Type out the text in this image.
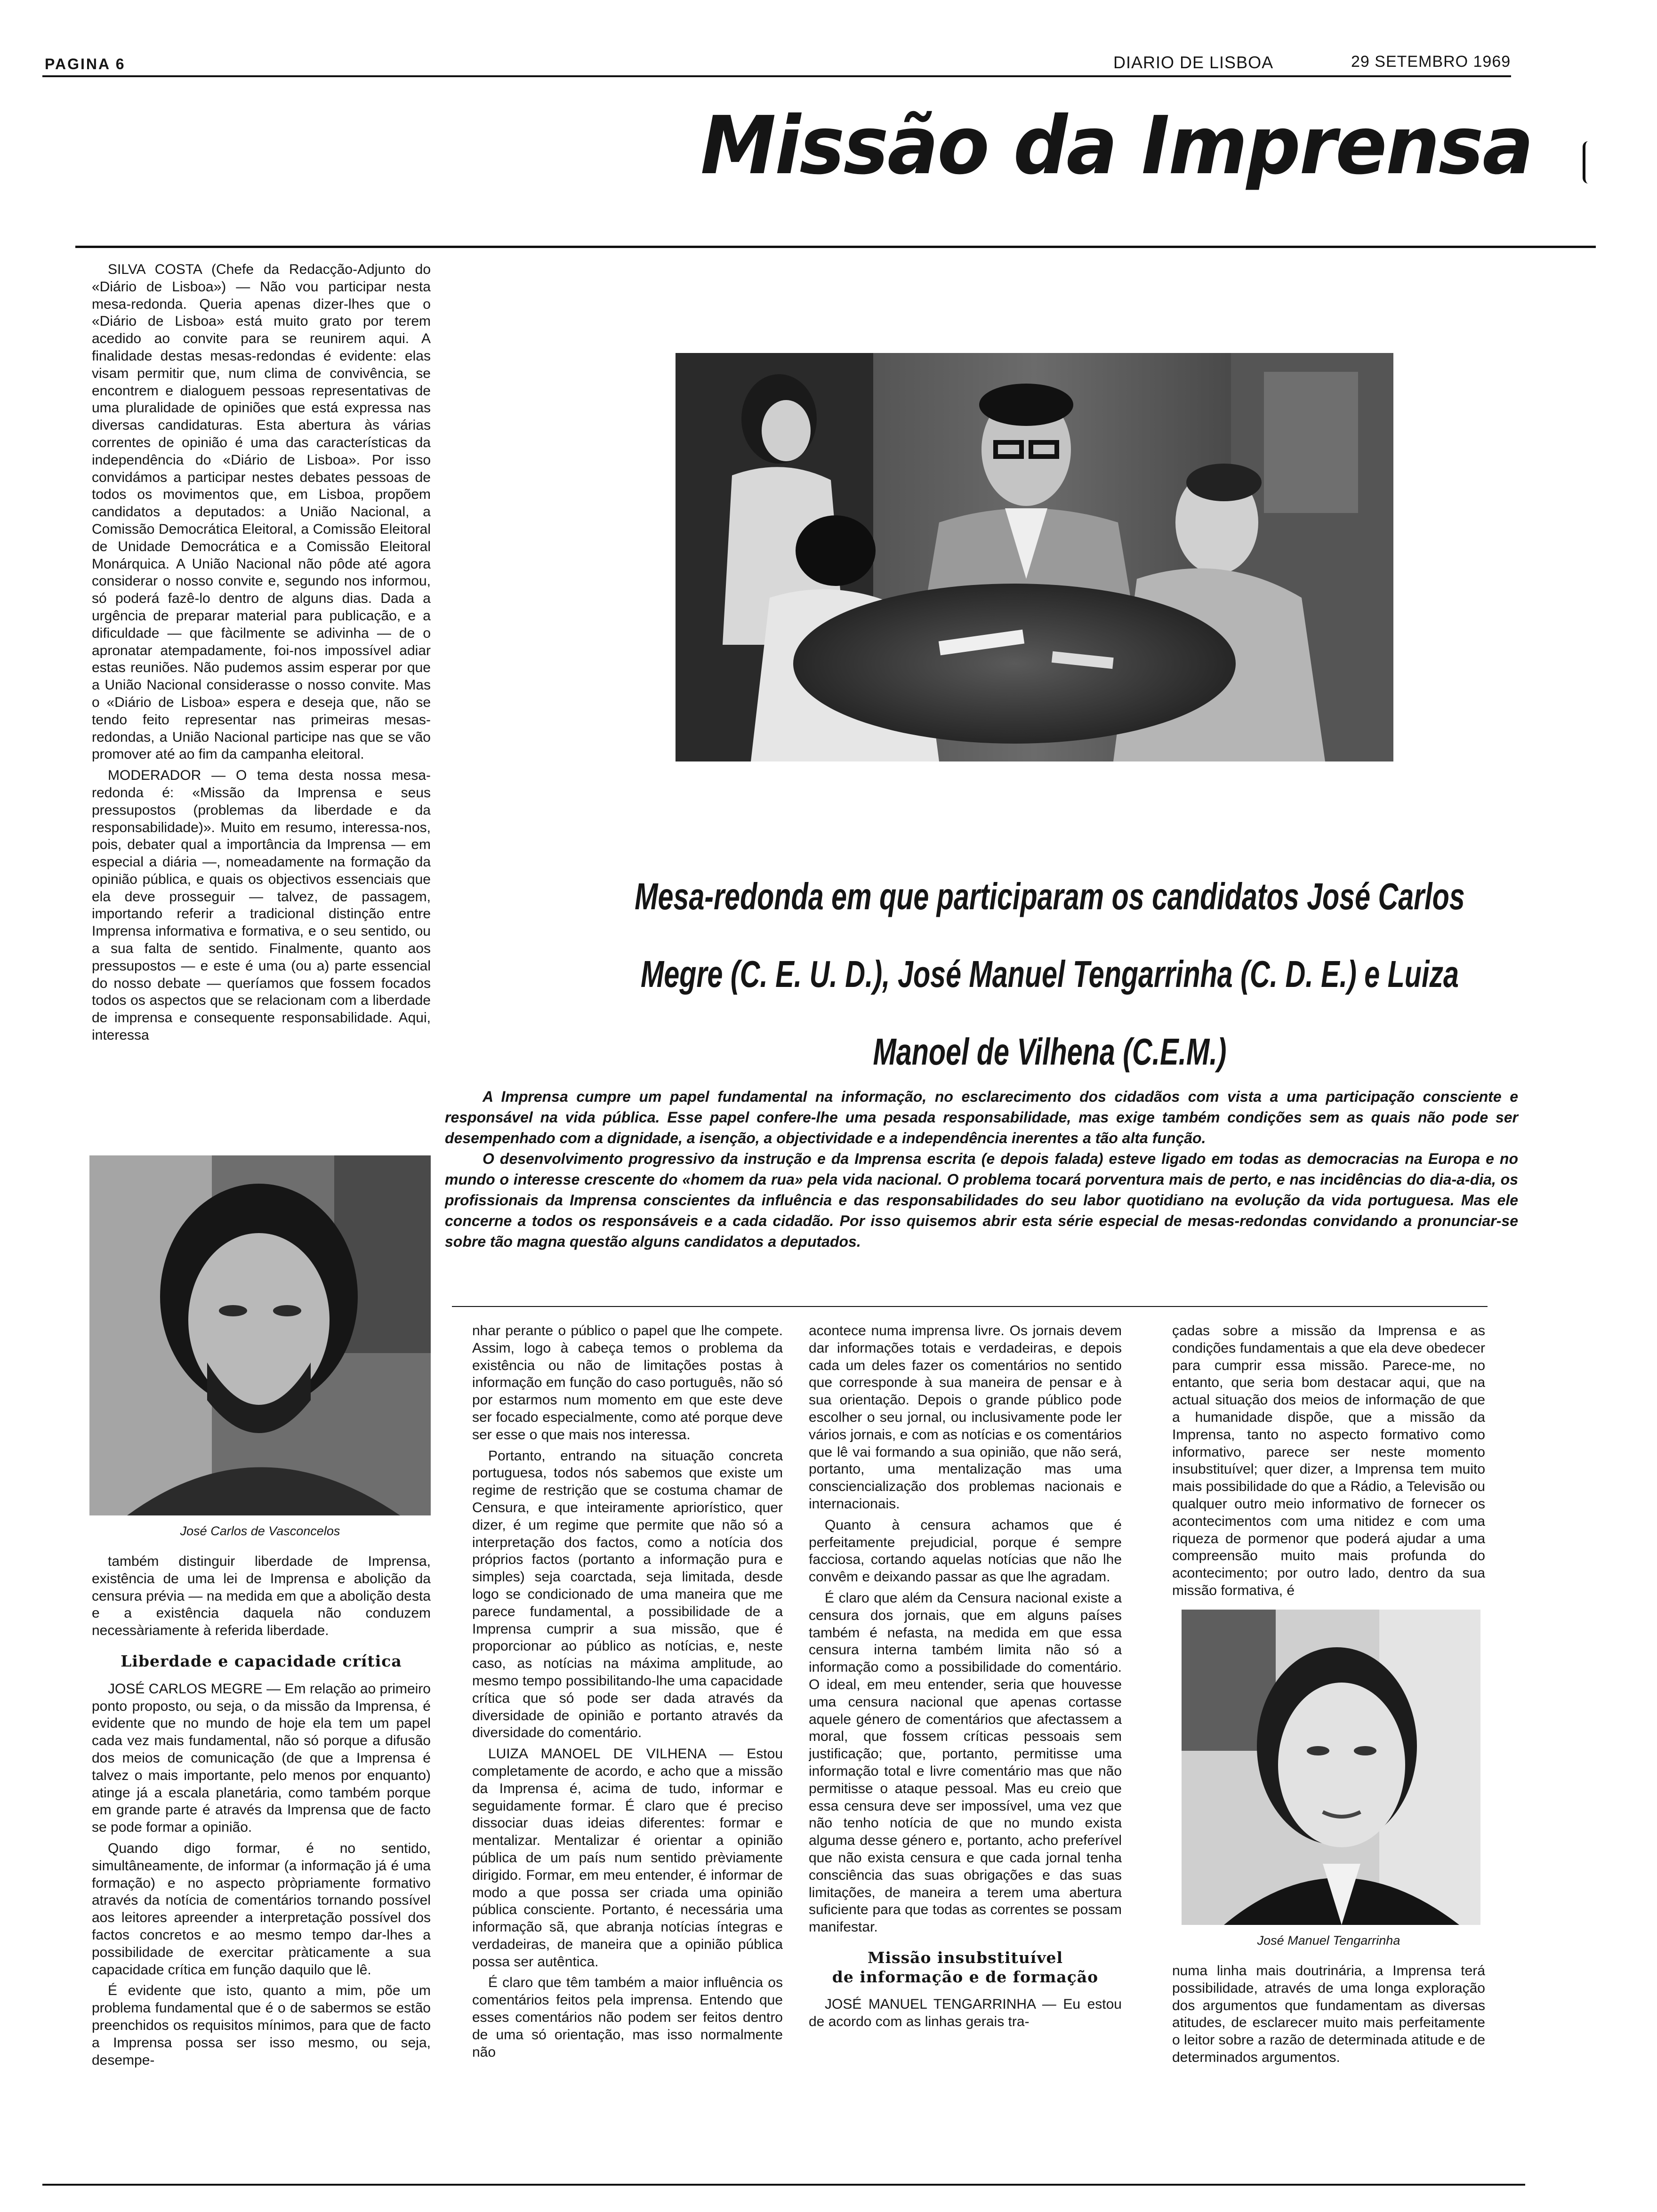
PAGINA 6	DIARIO DE LISBOA	29 SETEMBRO 1969
Missão da Imprensa
Mesa-redonda em que participaram os candidatos José Carlos
Megre (C. E. U. D.), José Manuel Tengarrinha (C. D. E.) e Luiza
Manoel de Vilhena (C.E.M.)

A Imprensa cumpre um papel fundamental na informação, no esclarecimento dos cidadãos com vista a uma participação consciente e responsável na vida pública. Esse papel confere-lhe uma pesada responsabilidade, mas exige também condições sem as quais não pode ser desempenhado com a dignidade, a isenção, a objectividade e a independência inerentes a tão alta função.

O desenvolvimento progressivo da instrução e da Imprensa escrita (e depois falada) esteve ligado em todas as democracias na Europa e no mundo o interesse crescente do «homem da rua» pela vida nacional. O problema tocará porventura mais de perto, e nas incidências do dia-a-dia, os profissionais da Imprensa conscientes da influência e das responsabilidades do seu labor quotidiano na evolução da vida portuguesa. Mas ele concerne a todos os responsáveis e a cada cidadão. Por isso quisemos abrir esta série especial de mesas-redondas convidando a pronunciar-se sobre tão magna questão alguns candidatos a deputados.

SILVA COSTA (Chefe da Redacção-Adjunto do «Diário de Lisboa») — Não vou participar nesta mesa-redonda. Queria apenas dizer-lhes que o «Diário de Lisboa» está muito grato por terem acedido ao convite para se reunirem aqui. A finalidade destas mesas-redondas é evidente: elas visam permitir que, num clima de convivência, se encontrem e dialoguem pessoas representativas de uma pluralidade de opiniões que está expressa nas diversas candidaturas. Esta abertura às várias correntes de opinião é uma das características da independência do «Diário de Lisboa». Por isso convidámos a participar nestes debates pessoas de todos os movimentos que, em Lisboa, propõem candidatos a deputados: a União Nacional, a Comissão Democrática Eleitoral, a Comissão Eleitoral de Unidade Democrática e a Comissão Eleitoral Monárquica. A União Nacional não pôde até agora considerar o nosso convite e, segundo nos informou, só poderá fazê-lo dentro de alguns dias. Dada a urgência de preparar material para publicação, e a dificuldade — que fàcilmente se adivinha — de o apronatar atempadamente, foi-nos impossível adiar estas reuniões. Não pudemos assim esperar por que a União Nacional considerasse o nosso convite. Mas o «Diário de Lisboa» espera e deseja que, não se tendo feito representar nas primeiras mesas-redondas, a União Nacional participe nas que se vão promover até ao fim da campanha eleitoral.

MODERADOR — O tema desta nossa mesa-redonda é: «Missão da Imprensa e seus pressupostos (problemas da liberdade e da responsabilidade)». Muito em resumo, interessa-nos, pois, debater qual a importância da Imprensa — em especial a diária —, nomeadamente na formação da opinião pública, e quais os objectivos essenciais que ela deve prosseguir — talvez, de passagem, importando referir a tradicional distinção entre Imprensa informativa e formativa, e o seu sentido, ou a sua falta de sentido. Finalmente, quanto aos pressupostos — e este é uma (ou a) parte essencial do nosso debate — queríamos que fossem focados todos os aspectos que se relacionam com a liberdade de imprensa e consequente responsabilidade. Aqui, interessa

José Carlos de Vasconcelos

também distinguir liberdade de Imprensa, existência de uma lei de Imprensa e abolição da censura prévia — na medida em que a abolição desta e a existência daquela não conduzem necessàriamente à referida liberdade.

Liberdade e capacidade crítica

JOSÉ CARLOS MEGRE — Em relação ao primeiro ponto proposto, ou seja, o da missão da Imprensa, é evidente que no mundo de hoje ela tem um papel cada vez mais fundamental, não só porque a difusão dos meios de comunicação (de que a Imprensa é talvez o mais importante, pelo menos por enquanto) atinge já a escala planetária, como também porque em grande parte é através da Imprensa que de facto se pode formar a opinião.

Quando digo formar, é no sentido, simultâneamente, de informar (a informação já é uma formação) e no aspecto pròpriamente formativo através da notícia de comentários tornando possível aos leitores apreender a interpretação possível dos factos concretos e ao mesmo tempo dar-lhes a possibilidade de exercitar pràticamente a sua capacidade crítica em função daquilo que lê.

É evidente que isto, quanto a mim, põe um problema fundamental que é o de sabermos se estão preenchidos os requisitos mínimos, para que de facto a Imprensa possa ser isso mesmo, ou seja, desempe-

nhar perante o público o papel que lhe compete. Assim, logo à cabeça temos o problema da existência ou não de limitações postas à informação em função do caso português, não só por estarmos num momento em que este deve ser focado especialmente, como até porque deve ser esse o que mais nos interessa.

Portanto, entrando na situação concreta portuguesa, todos nós sabemos que existe um regime de restrição que se costuma chamar de Censura, e que inteiramente apriorístico, quer dizer, é um regime que permite que não só a interpretação dos factos, como a notícia dos próprios factos (portanto a informação pura e simples) seja coarctada, seja limitada, desde logo se condicionado de uma maneira que me parece fundamental, a possibilidade de a Imprensa cumprir a sua missão, que é proporcionar ao público as notícias, e, neste caso, as notícias na máxima amplitude, ao mesmo tempo possibilitando-lhe uma capacidade crítica que só pode ser dada através da diversidade de opinião e portanto através da diversidade do comentário.

LUIZA MANOEL DE VILHENA — Estou completamente de acordo, e acho que a missão da Imprensa é, acima de tudo, informar e seguidamente formar. É claro que é preciso dissociar duas ideias diferentes: formar e mentalizar. Mentalizar é orientar a opinião pública de um país num sentido prèviamente dirigido. Formar, em meu entender, é informar de modo a que possa ser criada uma opinião pública consciente. Portanto, é necessária uma informação sã, que abranja notícias íntegras e verdadeiras, de maneira que a opinião pública possa ser autêntica.

É claro que têm também a maior influência os comentários feitos pela imprensa. Entendo que esses comentários não podem ser feitos dentro de uma só orientação, mas isso normalmente não

acontece numa imprensa livre. Os jornais devem dar informações totais e verdadeiras, e depois cada um deles fazer os comentários no sentido que corresponde à sua maneira de pensar e à sua orientação. Depois o grande público pode escolher o seu jornal, ou inclusivamente pode ler vários jornais, e com as notícias e os comentários que lê vai formando a sua opinião, que não será, portanto, uma mentalização mas uma consciencialização dos problemas nacionais e internacionais.

Quanto à censura achamos que é perfeitamente prejudicial, porque é sempre facciosa, cortando aquelas notícias que não lhe convêm e deixando passar as que lhe agradam.

É claro que além da Censura nacional existe a censura dos jornais, que em alguns países também é nefasta, na medida em que essa censura interna também limita não só a informação como a possibilidade do comentário. O ideal, em meu entender, seria que houvesse uma censura nacional que apenas cortasse aquele género de comentários que afectassem a moral, que fossem críticas pessoais sem justificação; que, portanto, permitisse uma informação total e livre comentário mas que não permitisse o ataque pessoal. Mas eu creio que essa censura deve ser impossível, uma vez que não tenho notícia de que no mundo exista alguma desse género e, portanto, acho preferível que não exista censura e que cada jornal tenha consciência das suas obrigações e das suas limitações, de maneira a terem uma abertura suficiente para que todas as correntes se possam manifestar.

Missão insubstituível
de informação e de formação

JOSÉ MANUEL TENGARRINHA — Eu estou de acordo com as linhas gerais tra-

çadas sobre a missão da Imprensa e as condições fundamentais a que ela deve obedecer para cumprir essa missão. Parece-me, no entanto, que seria bom destacar aqui, que na actual situação dos meios de informação de que a humanidade dispõe, que a missão da Imprensa, tanto no aspecto formativo como informativo, parece ser neste momento insubstituível; quer dizer, a Imprensa tem muito mais possibilidade do que a Rádio, a Televisão ou qualquer outro meio informativo de fornecer os acontecimentos com uma nitidez e com uma riqueza de pormenor que poderá ajudar a uma compreensão muito mais profunda do acontecimento; por outro lado, dentro da sua missão formativa, é

José Manuel Tengarrinha

numa linha mais doutrinária, a Imprensa terá possibilidade, através de uma longa exploração dos argumentos que fundamentam as diversas atitudes, de esclarecer muito mais perfeitamente o leitor sobre a razão de determinada atitude e de determinados argumentos.
